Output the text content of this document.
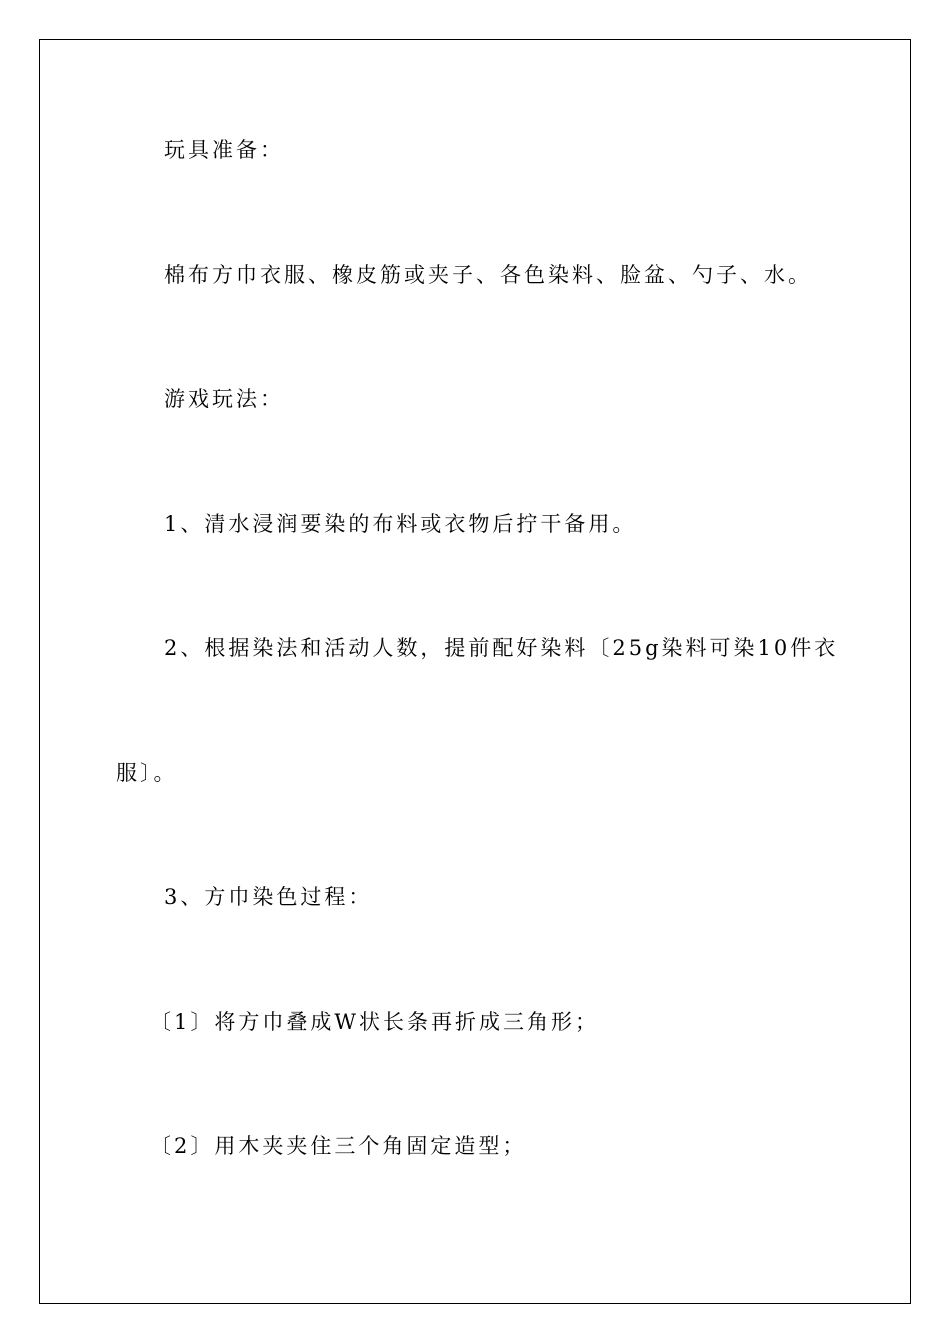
玩具准备：
棉布方巾衣服、橡皮筋或夹子、各色染料、脸盆、勺子、水。
游戏玩法：
1、清水浸润要染的布料或衣物后拧干备用。
2、根据染法和活动人数，提前配好染料〔25g染料可染10件衣
服〕。
3、方巾染色过程：
〔1〕将方巾叠成W状长条再折成三角形；
〔2〕用木夹夹住三个角固定造型；
